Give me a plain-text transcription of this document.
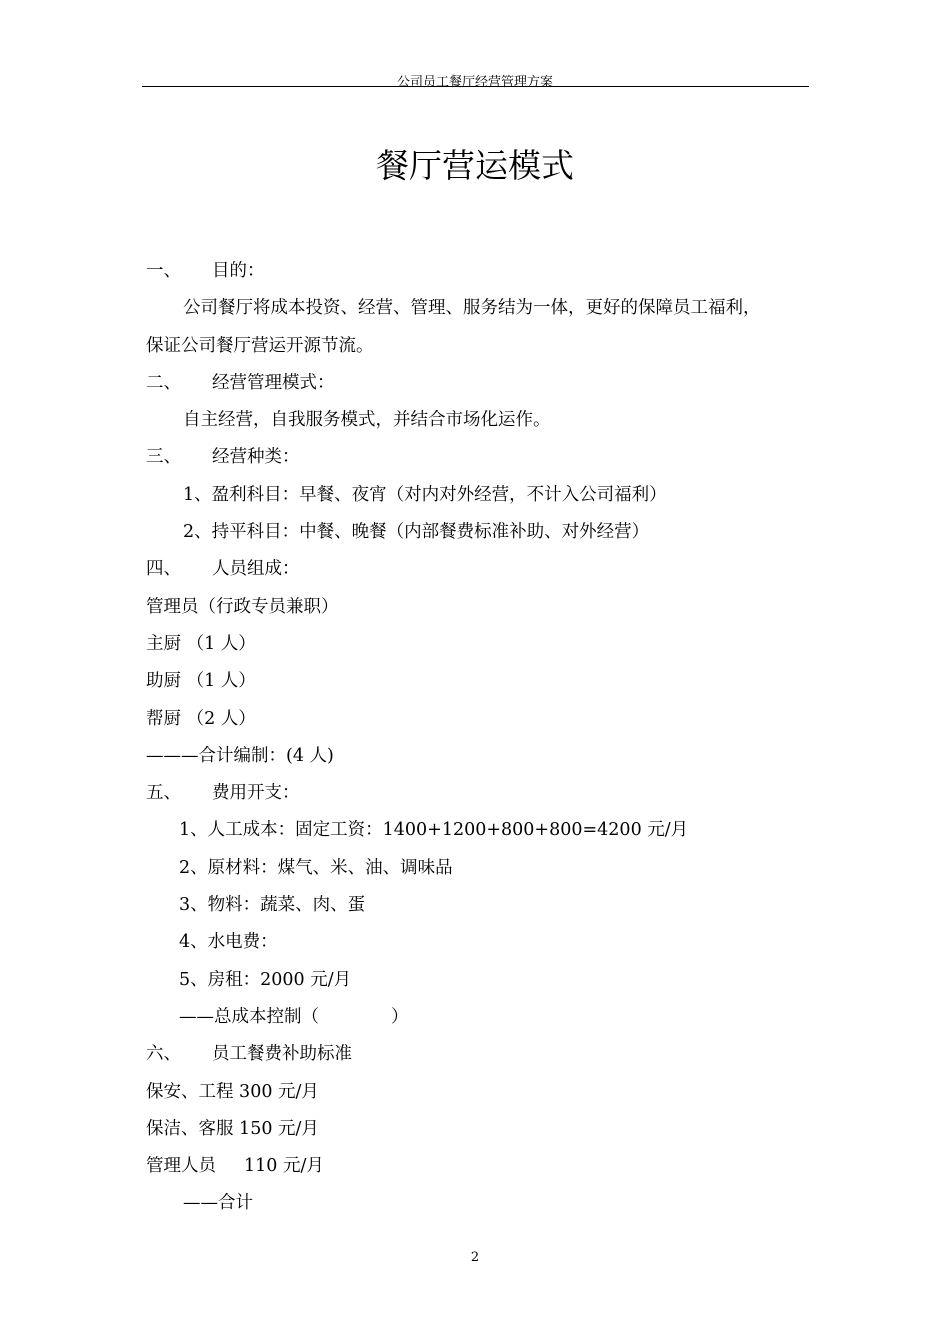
公司员工餐厅经营管理方案
餐厅营运模式
一、 目的：
公司餐厅将成本投资、经营、管理、服务结为一体，更好的保障员工福利，
保证公司餐厅营运开源节流。
二、 经营管理模式：
自主经营，自我服务模式，并结合市场化运作。
三、 经营种类：
1、盈利科目：早餐、夜宵（对内对外经营，不计入公司福利）
2、持平科目：中餐、晚餐（内部餐费标准补助、对外经营）
四、 人员组成：
管理员（行政专员兼职）
主厨 （1 人）
助厨 （1 人）
帮厨 （2 人）
———合计编制：(4 人)
五、 费用开支：
1、人工成本：固定工资：1400+1200+800+800=4200 元/月
2、原材料：煤气、米、油、调味品
3、物料：蔬菜、肉、蛋
4、水电费：
5、房租：2000 元/月
——总成本控制（	）
六、 员工餐费补助标准
保安、工程 300 元/月
保洁、客服 150 元/月
管理人员 110 元/月
——合计
2
